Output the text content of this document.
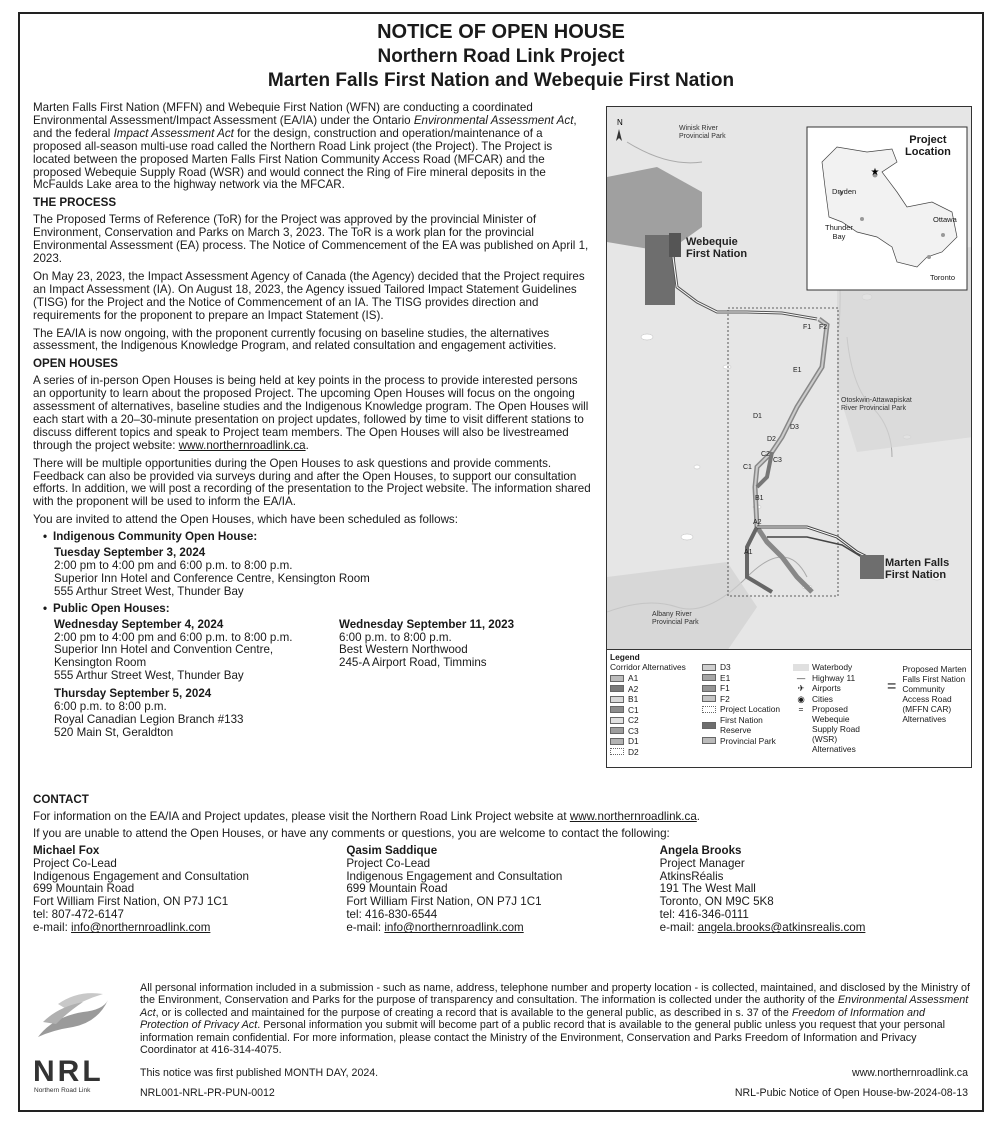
NOTICE OF OPEN HOUSE
Northern Road Link Project
Marten Falls First Nation and Webequie First Nation

Marten Falls First Nation (MFFN) and Webequie First Nation (WFN) are conducting a coordinated Environmental Assessment/Impact Assessment (EA/IA) under the Ontario Environmental Assessment Act, and the federal Impact Assessment Act for the design, construction and operation/maintenance of a proposed all-season multi-use road called the Northern Road Link project (the Project). The Project is located between the proposed Marten Falls First Nation Community Access Road (MFCAR) and the proposed Webequie Supply Road (WSR) and would connect the Ring of Fire mineral deposits in the McFaulds Lake area to the highway network via the MFCAR.

THE PROCESS

The Proposed Terms of Reference (ToR) for the Project was approved by the provincial Minister of Environment, Conservation and Parks on March 3, 2023. The ToR is a work plan for the provincial Environmental Assessment (EA) process. The Notice of Commencement of the EA was published on April 1, 2023.

On May 23, 2023, the Impact Assessment Agency of Canada (the Agency) decided that the Project requires an Impact Assessment (IA). On August 18, 2023, the Agency issued Tailored Impact Statement Guidelines (TISG) for the Project and the Notice of Commencement of an IA. The TISG provides direction and requirements for the proponent to prepare an Impact Statement (IS).

The EA/IA is now ongoing, with the proponent currently focusing on baseline studies, the alternatives assessment, the Indigenous Knowledge Program, and related consultation and engagement activities.

OPEN HOUSES

A series of in-person Open Houses is being held at key points in the process to provide interested persons an opportunity to learn about the proposed Project. The upcoming Open Houses will focus on the ongoing assessment of alternatives, baseline studies and the Indigenous Knowledge program. The Open Houses will each start with a 20–30-minute presentation on project updates, followed by time to visit different stations to discuss different topics and speak to Project team members. The Open Houses will also be livestreamed through the project website: www.northernroadlink.ca.

There will be multiple opportunities during the Open Houses to ask questions and provide comments. Feedback can also be provided via surveys during and after the Open Houses, to support our consultation efforts. In addition, we will post a recording of the presentation to the Project website. The information shared with the proponent will be used to inform the EA/IA.

You are invited to attend the Open Houses, which have been scheduled as follows:

• Indigenous Community Open House:
Tuesday September 3, 2024
2:00 pm to 4:00 pm and 6:00 p.m. to 8:00 p.m.
Superior Inn Hotel and Conference Centre, Kensington Room
555 Arthur Street West, Thunder Bay
• Public Open Houses:
Wednesday September 4, 2024
2:00 pm to 4:00 pm and 6:00 p.m. to 8:00 p.m.
Superior Inn Hotel and Convention Centre,
Kensington Room
555 Arthur Street West, Thunder Bay
Thursday September 5, 2024
6:00 p.m. to 8:00 p.m.
Royal Canadian Legion Branch #133
520 Main St, Geraldton
Wednesday September 11, 2023
6:00 p.m. to 8:00 p.m.
Best Western Northwood
245-A Airport Road, Timmins
★
N
Winisk River
Provincial Park
Webequie
First Nation
Otoskwin-Attawapiskat
River Provincial Park
Albany River
Provincial Park
Marten Falls
First Nation
Project
Location
Dryden
Thunder
Bay
Ottawa
Toronto
F1 F2
E1
D1
D2
D3
C1
C2
C3
B1
A2
A1
Legend
Corridor Alternatives
A1
A2
B1
C1
C2
C3
D1
D2
D3
E1
F1
F2
Project Location
First Nation
Reserve
Provincial Park
Waterbody
— Highway 11
✈ Airports
◉ Cities
=	Proposed
Webequie
Supply Road
(WSR)
Alternatives
=
Proposed Marten
Falls First Nation
Community
Access Road
(MFFN CAR)
Alternatives
CONTACT

For information on the EA/IA and Project updates, please visit the Northern Road Link Project website at www.northernroadlink.ca.

If you are unable to attend the Open Houses, or have any comments or questions, you are welcome to contact the following:

Michael Fox
Project Co-Lead
Indigenous Engagement and Consultation
699 Mountain Road
Fort William First Nation, ON P7J 1C1
tel: 807-472-6147
e-mail: info@northernroadlink.com
Qasim Saddique
Project Co-Lead
Indigenous Engagement and Consultation
699 Mountain Road
Fort William First Nation, ON P7J 1C1
tel: 416-830-6544
e-mail: info@northernroadlink.com
Angela Brooks
Project Manager
AtkinsRéalis
191 The West Mall
Toronto, ON M9C 5K8
tel: 416-346-0111
e-mail: angela.brooks@atkinsrealis.com
NRL
Northern Road Link
All personal information included in a submission - such as name, address, telephone number and property location - is collected, maintained, and disclosed by the Ministry of the Environment, Conservation and Parks for the purpose of transparency and consultation. The information is collected under the authority of the Environmental Assessment Act, or is collected and maintained for the purpose of creating a record that is available to the general public, as described in s. 37 of the Freedom of Information and Protection of Privacy Act. Personal information you submit will become part of a public record that is available to the general public unless you request that your personal information remain confidential. For more information, please contact the Ministry of the Environment, Conservation and Parks Freedom of Information and Privacy Coordinator at 416-314-4075.
This notice was first published MONTH DAY, 2024.
NRL001-NRL-PR-PUN-0012
www.northernroadlink.ca
NRL-Pubic Notice of Open House-bw-2024-08-13
